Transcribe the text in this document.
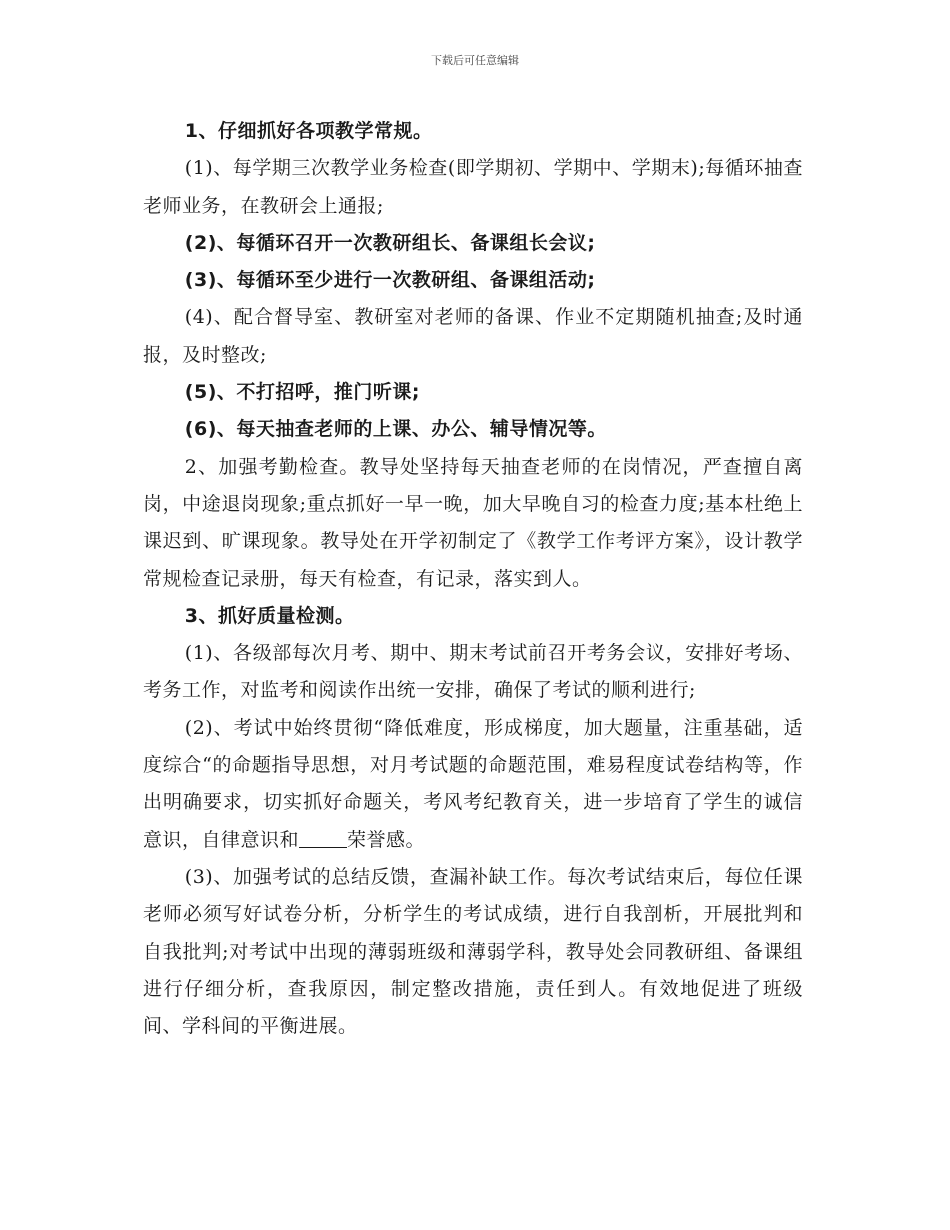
下载后可任意编辑

1、仔细抓好各项教学常规。

(1)、每学期三次教学业务检查(即学期初、学期中、学期末);每循环抽查老师业务，在教研会上通报;

(2)、每循环召开一次教研组长、备课组长会议;

(3)、每循环至少进行一次教研组、备课组活动;

(4)、配合督导室、教研室对老师的备课、作业不定期随机抽查;及时通报，及时整改;

(5)、不打招呼，推门听课;

(6)、每天抽查老师的上课、办公、辅导情况等。

2、加强考勤检查。教导处坚持每天抽查老师的在岗情况，严查擅自离岗，中途退岗现象;重点抓好一早一晚，加大早晚自习的检查力度;基本杜绝上课迟到、旷课现象。教导处在开学初制定了《教学工作考评方案》，设计教学常规检查记录册，每天有检查，有记录，落实到人。

3、抓好质量检测。

(1)、各级部每次月考、期中、期末考试前召开考务会议，安排好考场、考务工作，对监考和阅读作出统一安排，确保了考试的顺利进行;

(2)、考试中始终贯彻“降低难度，形成梯度，加大题量，注重基础，适度综合“的命题指导思想，对月考试题的命题范围，难易程度试卷结构等，作出明确要求，切实抓好命题关，考风考纪教育关，进一步培育了学生的诚信意识，自律意识和	荣誉感。

(3)、加强考试的总结反馈，查漏补缺工作。每次考试结束后，每位任课老师必须写好试卷分析，分析学生的考试成绩，进行自我剖析，开展批判和自我批判;对考试中出现的薄弱班级和薄弱学科，教导处会同教研组、备课组进行仔细分析，查我原因，制定整改措施，责任到人。有效地促进了班级间、学科间的平衡进展。
